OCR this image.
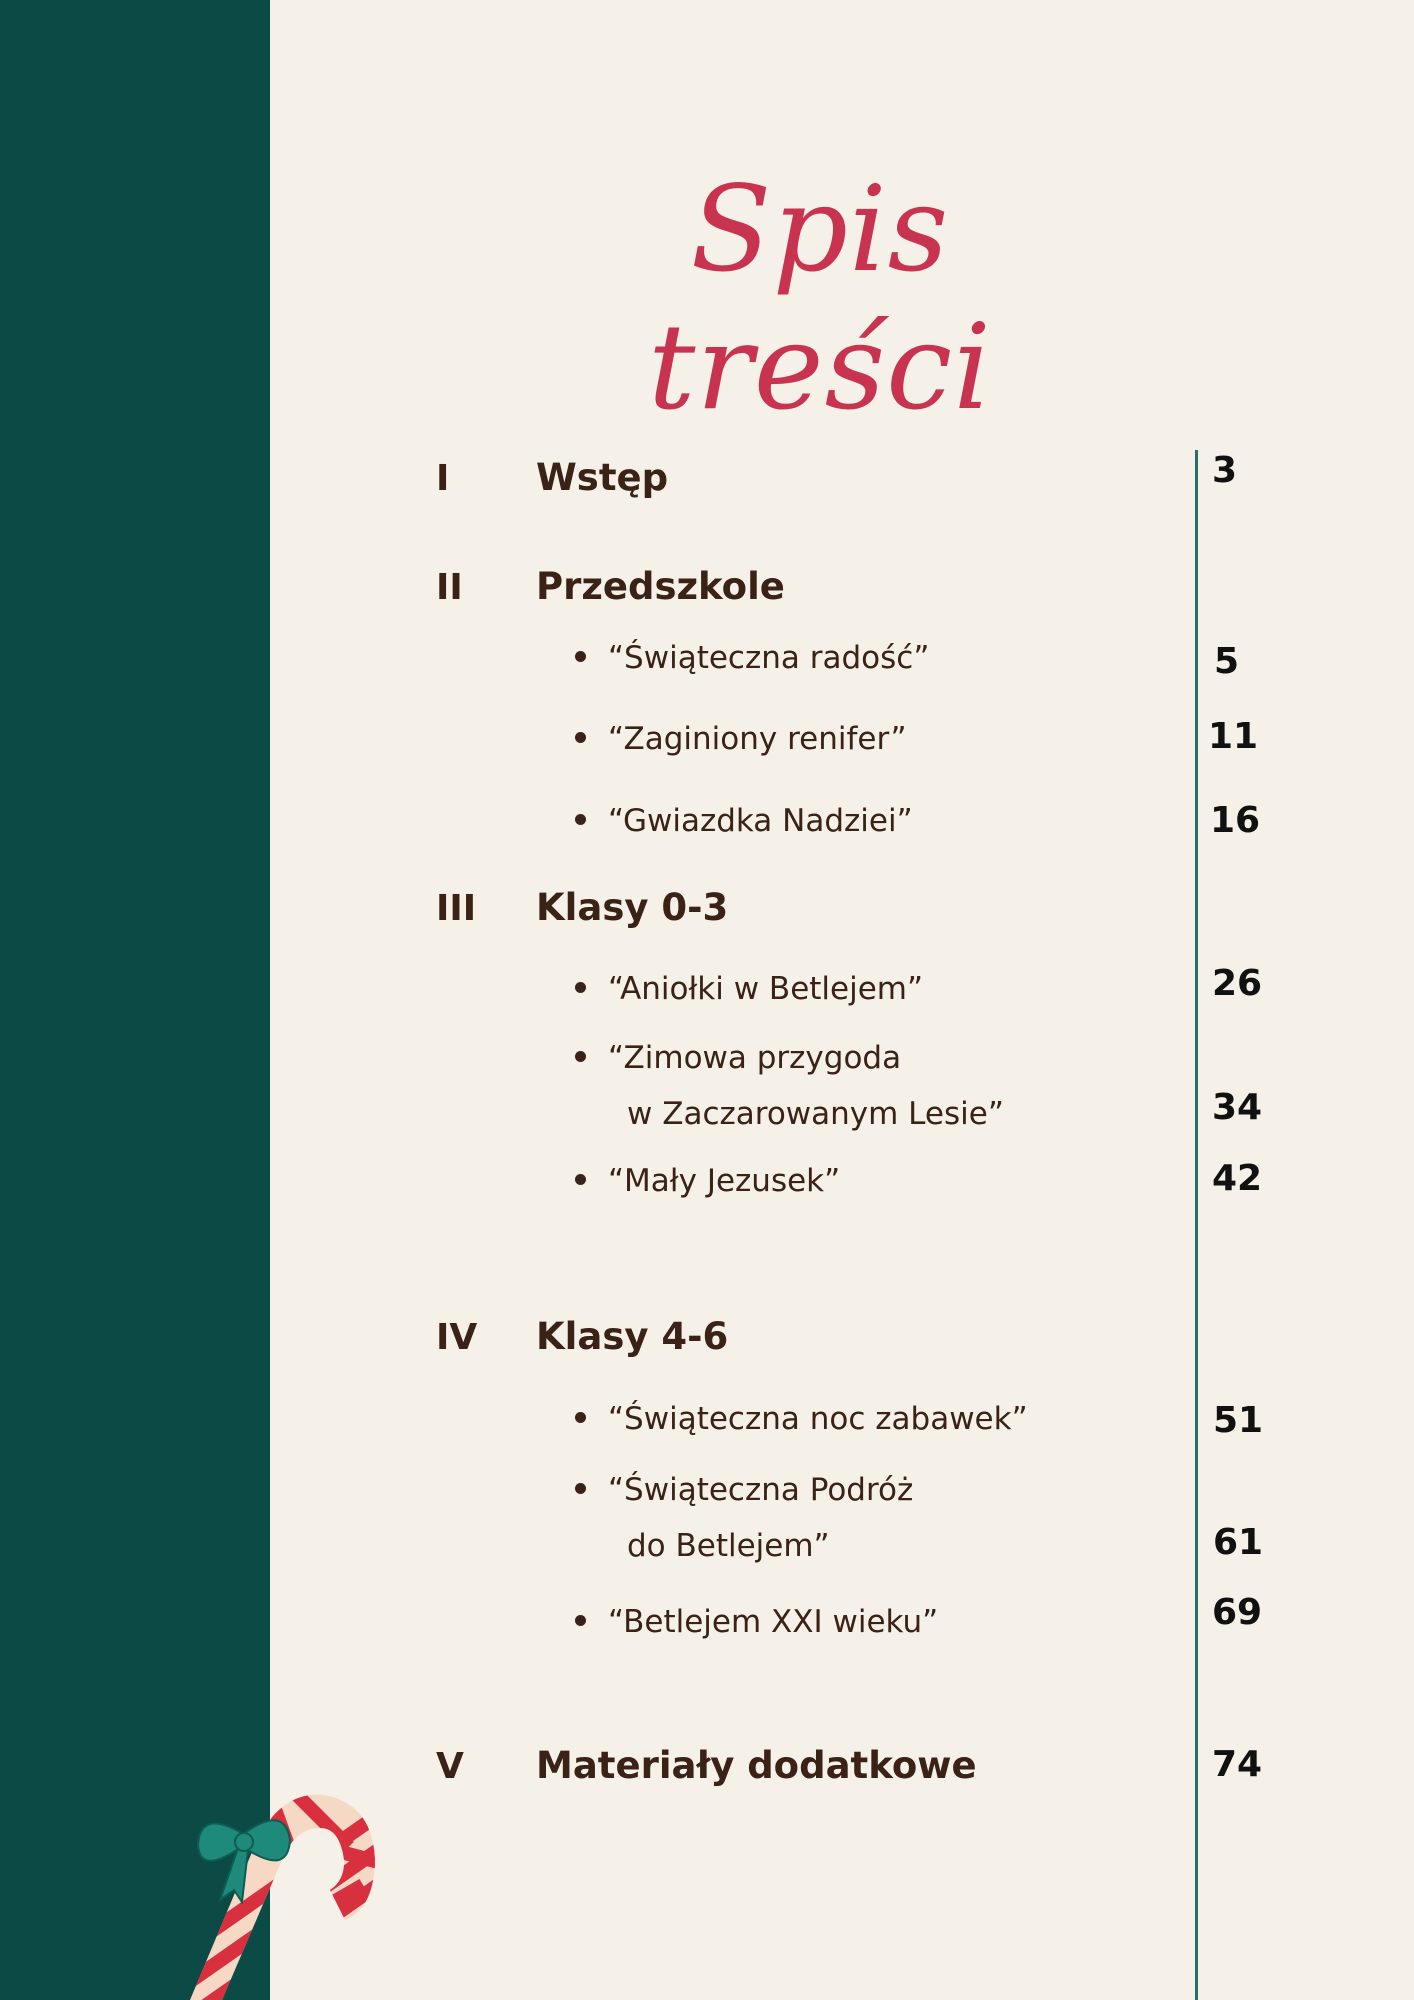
Spis treści
I Wstęp	3
II Przedszkole
“Świąteczna radość”	5
“Zaginiony renifer”	11
“Gwiazdka Nadziei”	16
III Klasy 0-3
“Aniołki w Betlejem”	26
“Zimowa przygoda
w Zaczarowanym Lesie”	34
“Mały Jezusek”	42
IV Klasy 4-6
“Świąteczna noc zabawek”	51
“Świąteczna Podróż
do Betlejem”	61
“Betlejem XXI wieku”	69
V Materiały dodatkowe	74
